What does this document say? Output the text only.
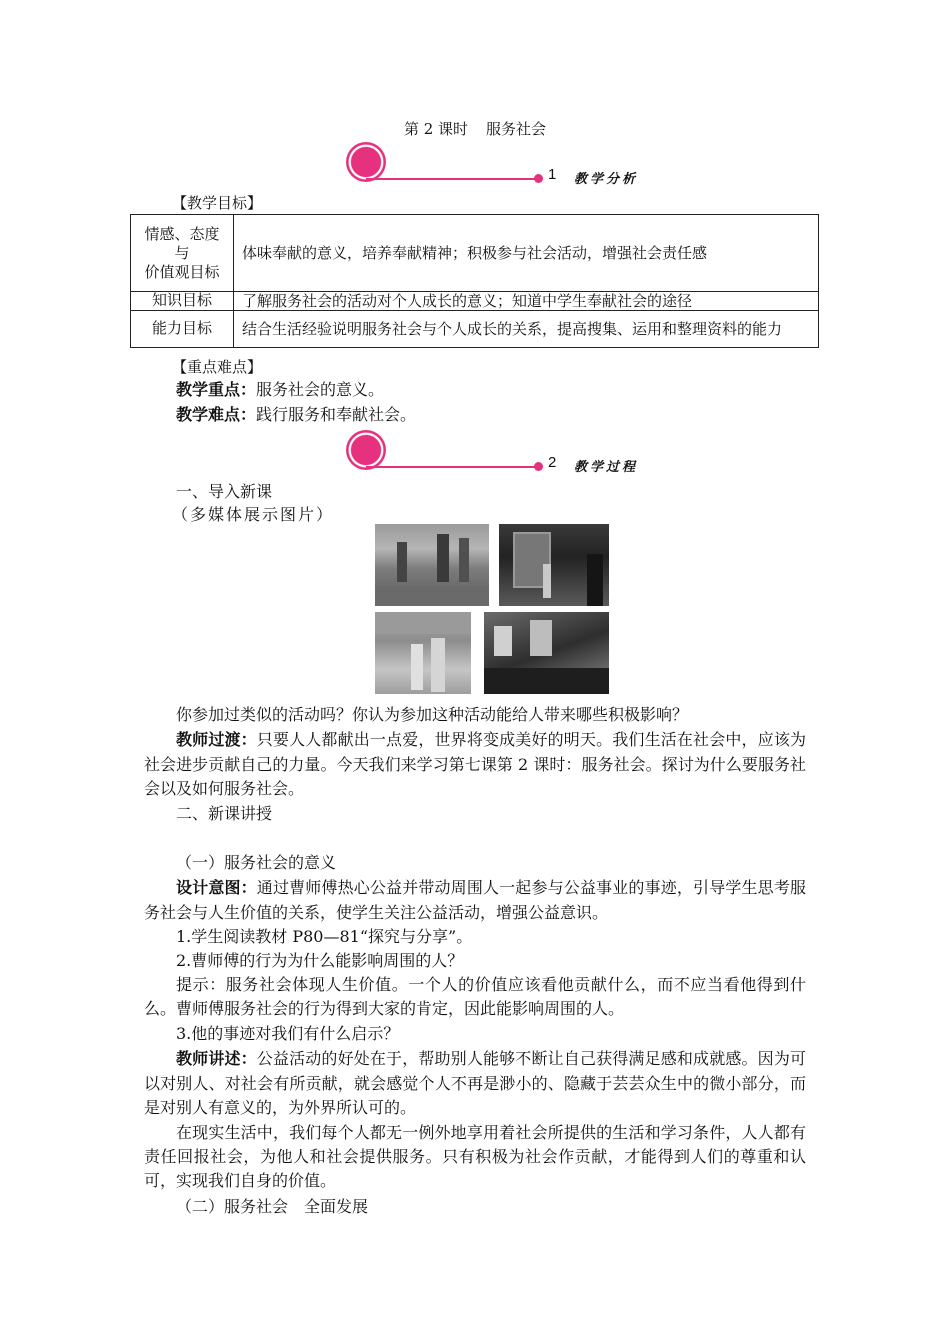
第 2 课时 服务社会
1 教学分析
【教学目标】
情感、态度
与
价值观目标	体味奉献的意义，培养奉献精神；积极参与社会活动，增强社会责任感
知识目标	了解服务社会的活动对个人成长的意义；知道中学生奉献社会的途径
能力目标	结合生活经验说明服务社会与个人成长的关系，提高搜集、运用和整理资料的能力
【重点难点】
教学重点：服务社会的意义。
教学难点：践行服务和奉献社会。
2 教学过程
一、导入新课
（多媒体展示图片）
你参加过类似的活动吗？你认为参加这种活动能给人带来哪些积极影响？
教师过渡：只要人人都献出一点爱，世界将变成美好的明天。我们生活在社会中，应该为社会进步贡献自己的力量。今天我们来学习第七课第 2 课时：服务社会。探讨为什么要服务社会以及如何服务社会。
二、新课讲授
（一）服务社会的意义
设计意图：通过曹师傅热心公益并带动周围人一起参与公益事业的事迹，引导学生思考服务社会与人生价值的关系，使学生关注公益活动，增强公益意识。
1.学生阅读教材 P80—81“探究与分享”。
2.曹师傅的行为为什么能影响周围的人？
提示：服务社会体现人生价值。一个人的价值应该看他贡献什么，而不应当看他得到什么。曹师傅服务社会的行为得到大家的肯定，因此能影响周围的人。
3.他的事迹对我们有什么启示？
教师讲述：公益活动的好处在于，帮助别人能够不断让自己获得满足感和成就感。因为可以对别人、对社会有所贡献，就会感觉个人不再是渺小的、隐藏于芸芸众生中的微小部分，而是对别人有意义的，为外界所认可的。
在现实生活中，我们每个人都无一例外地享用着社会所提供的生活和学习条件，人人都有责任回报社会，为他人和社会提供服务。只有积极为社会作贡献，才能得到人们的尊重和认可，实现我们自身的价值。
（二）服务社会　全面发展
